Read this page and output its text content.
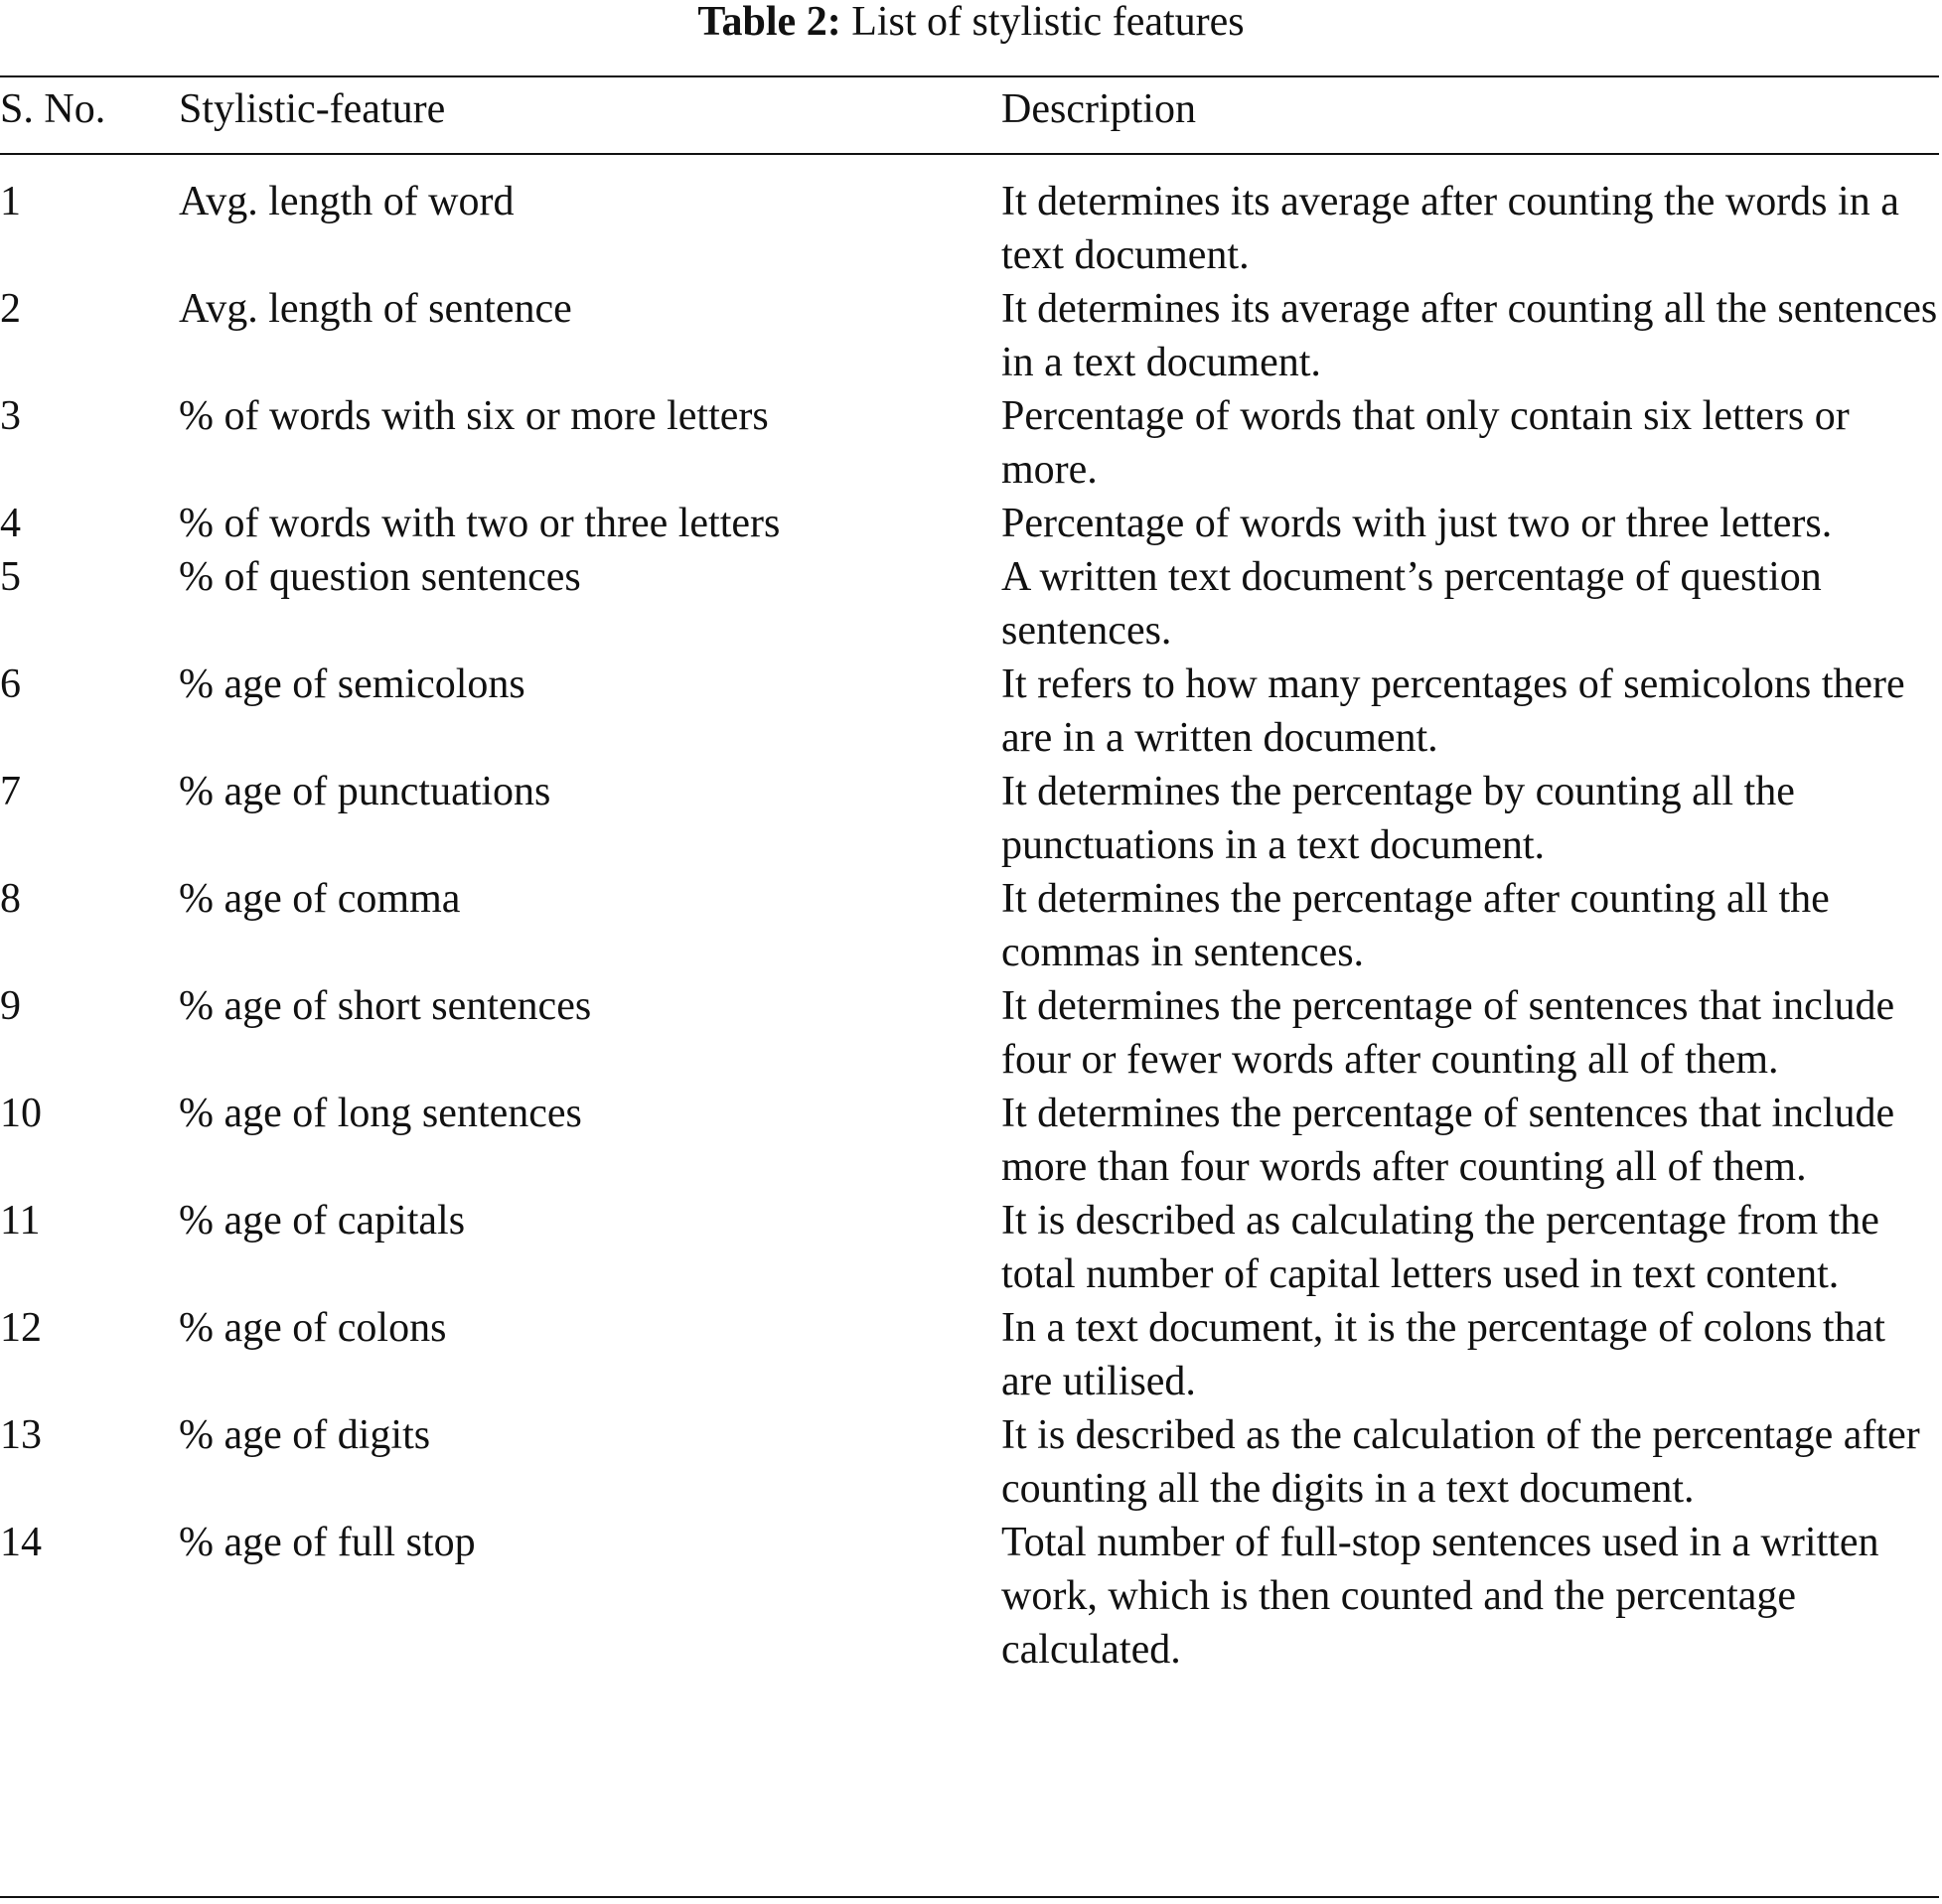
Table 2: List of stylistic features
S. No.	Stylistic-feature	Description
1	Avg. length of word	It determines its average after counting the words in a text document.
2	Avg. length of sentence	It determines its average after counting all the sentences in a text document.
3	% of words with six or more letters	Percentage of words that only contain six letters or more.
4	% of words with two or three letters	Percentage of words with just two or three letters.
5	% of question sentences	A written text document’s percentage of question sentences.
6	% age of semicolons	It refers to how many percentages of semicolons there are in a written document.
7	% age of punctuations	It determines the percentage by counting all the punctuations in a text document.
8	% age of comma	It determines the percentage after counting all the commas in sentences.
9	% age of short sentences	It determines the percentage of sentences that include four or fewer words after counting all of them.
10	% age of long sentences	It determines the percentage of sentences that include more than four words after counting all of them.
11	% age of capitals	It is described as calculating the percentage from the total number of capital letters used in text content.
12	% age of colons	In a text document, it is the percentage of colons that are utilised.
13	% age of digits	It is described as the calculation of the percentage after counting all the digits in a text document.
14	% age of full stop	Total number of full-stop sentences used in a written work, which is then counted and the percentage calculated.
